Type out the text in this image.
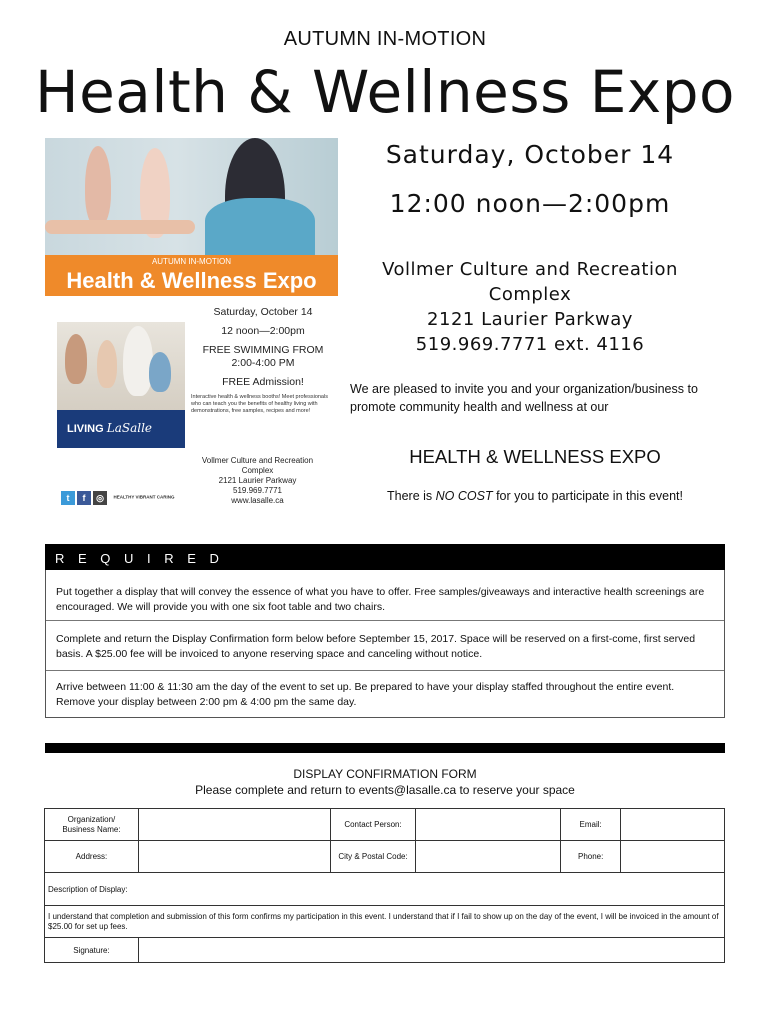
AUTUMN IN-MOTION
Health & Wellness Expo
AUTUMN IN-MOTION
Health & Wellness Expo
LIVING LaSalle
Saturday, October 14
12 noon—2:00pm
FREE SWIMMING FROM
2:00-4:00 PM
FREE Admission!
Interactive health & wellness booths! Meet professionals who can teach you the benefits of healthy living with demonstrations, free samples, recipes and more!
Vollmer Culture and Recreation Complex
2121 Laurier Parkway
519.969.7771
www.lasalle.ca
t f ◎ HEALTHY VIBRANT CARING
Saturday, October 14
12:00 noon—2:00pm
Vollmer Culture and Recreation Complex
2121 Laurier Parkway
519.969.7771 ext. 4116
We are pleased to invite you and your organization/business to promote community health and wellness at our
HEALTH & WELLNESS EXPO
There is NO COST for you to participate in this event!
R E Q U I R E D
Put together a display that will convey the essence of what you have to offer. Free samples/giveaways and interactive health screenings are encouraged. We will provide you with one six foot table and two chairs.
Complete and return the Display Confirmation form below before September 15, 2017. Space will be reserved on a first-come, first served basis. A $25.00 fee will be invoiced to anyone reserving space and canceling without notice.
Arrive between 11:00 & 11:30 am the day of the event to set up. Be prepared to have your display staffed throughout the entire event. Remove your display between 2:00 pm & 4:00 pm the same day.
DISPLAY CONFIRMATION FORM
Please complete and return to events@lasalle.ca to reserve your space
Organization/
Business Name:		Contact Person:		Email:	
Address:		City & Postal Code:		Phone:	
Description of Display:					
I understand that completion and submission of this form confirms my participation in this event. I understand that if I fail to show up on the day of the event, I will be invoiced in the amount of $25.00 for set up fees.					
Signature:					
